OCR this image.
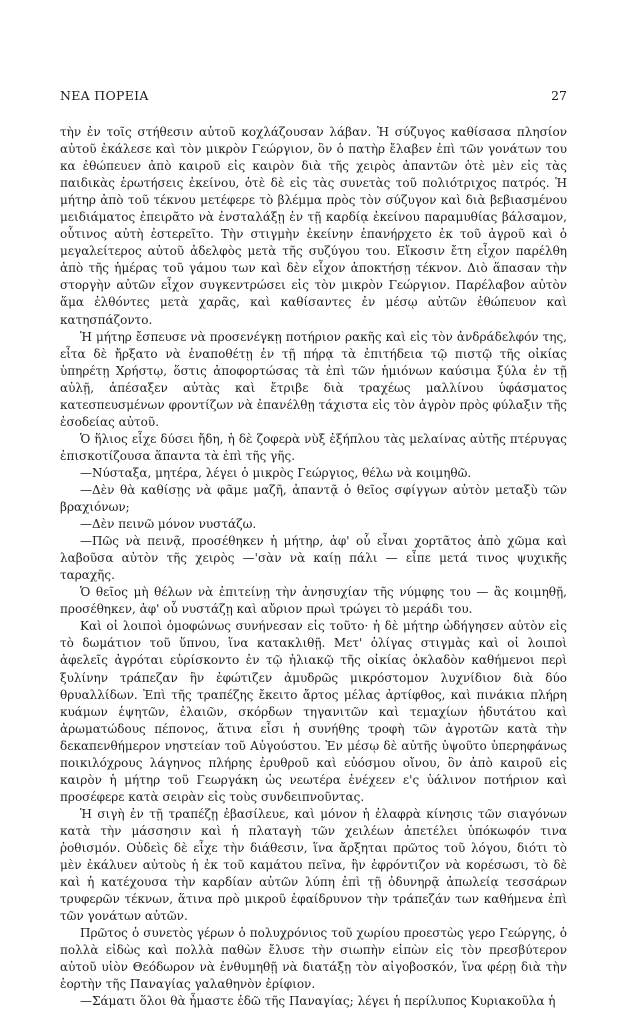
ΝΕΑ ΠΟΡΕΙΑ	27

τὴν ἐν τοῖς στήθεσιν αὐτοῦ κοχλάζουσαν λάβαν. Ἡ σύζυγος καθίσασα πλησίον αὐτοῦ ἐκάλεσε καὶ τὸν μικρὸν Γεώργιον, ὃν ὁ πατὴρ ἔλαβεν ἐπὶ τῶν γονάτων του κα ἐθώπευεν ἀπὸ καιροῦ εἰς καιρὸν διὰ τῆς χειρὸς ἀπαντῶν ὁτὲ μὲν εἰς τὰς παιδικὰς ἐρωτήσεις ἐκείνου, ὁτὲ δὲ εἰς τὰς συνετὰς τοῦ πολιότριχος πατρός. Ἡ μήτηρ ἀπὸ τοῦ τέκνου μετέφερε τὸ βλέμμα πρὸς τὸν σύζυγον καὶ διὰ βεβιασμένου μειδιάματος ἐπειρᾶτο νὰ ἐνσταλάξῃ ἐν τῇ καρδίᾳ ἐκείνου παραμυθίας βάλσαμον, οὗτινος αὐτὴ ἐστερεῖτο. Τὴν στιγμὴν ἐκείνην ἐπανήρχετο ἐκ τοῦ ἀγροῦ καὶ ὁ μεγαλείτερος αὐτοῦ ἀδελφὸς μετὰ τῆς συζύγου του. Εἴκοσιν ἔτη εἶχον παρέλθη ἀπὸ τῆς ἡμέρας τοῦ γάμου των καὶ δὲν εἶχον ἀποκτήσῃ τέκνον. Διὸ ἅπασαν τὴν στοργὴν αὐτῶν εἶχον συγκεντρώσει εἰς τὸν μικρὸν Γεώργιον. Παρέλαβον αὐτὸν ἅμα ἐλθόντες μετὰ χαρᾶς, καὶ καθίσαντες ἐν μέσῳ αὐτῶν ἐθώπευον καὶ κατησπάζοντο.

Ἡ μήτηρ ἔσπευσε νὰ προσενέγκῃ ποτήριον ρακῆς καὶ εἰς τὸν ἀνδράδελφόν της, εἶτα δὲ ἤρξατο νὰ ἐναποθέτῃ ἐν τῇ πήρᾳ τὰ ἐπιτήδεια τῷ πιστῷ τῆς οἰκίας ὑπηρέτῃ Χρήστῳ, ὅστις ἀποφορτώσας τὰ ἐπὶ τῶν ἡμιόνων καύσιμα ξύλα ἐν τῇ αὐλῇ, ἀπέσαξεν αὐτὰς καὶ ἔτριβε διὰ τραχέως μαλλίνου ὑφάσματος κατεσπευσμένων φροντίζων νὰ ἐπανέλθῃ τάχιστα εἰς τὸν ἀγρὸν πρὸς φύλαξιν τῆς ἐσοδείας αὐτοῦ.

Ὁ ἥλιος εἶχε δύσει ἤδη, ἡ δὲ ζοφερὰ νὺξ ἐξήπλου τὰς μελαίνας αὐτῆς πτέρυγας ἐπισκοτίζουσα ἅπαντα τὰ ἐπὶ τῆς γῆς.

—Νύσταξα, μητέρα, λέγει ὁ μικρὸς Γεώργιος, θέλω νὰ κοιμηθῶ.

—Δὲν θὰ καθίσῃς νὰ φᾶμε μαζῆ, ἀπαντᾷ ὁ θεῖος σφίγγων αὐτὸν μεταξὺ τῶν βραχιόνων;

—Δὲν πεινῶ μόνον νυστάζω.

—Πῶς νὰ πεινᾷ, προσέθηκεν ἡ μήτηρ, ἀφ' οὗ εἶναι χορτᾶτος ἀπὸ χῶμα καὶ λαβοῦσα αὐτὸν τῆς χειρὸς —'σὰν νὰ καίῃ πάλι — εἶπε μετά τινος ψυχικῆς ταραχῆς.

Ὁ θεῖος μὴ θέλων νὰ ἐπιτείνῃ τὴν ἀνησυχίαν τῆς νύμφης του — ἂς κοιμηθῇ, προσέθηκεν, ἀφ' οὗ νυστάζῃ καὶ αὔριον πρωὶ τρώγει τὸ μεράδι του.

Καὶ οἱ λοιποὶ ὁμοφώνως συνήνεσαν εἰς τοῦτο· ἡ δὲ μήτηρ ὡδήγησεν αὐτὸν εἰς τὸ δωμάτιον τοῦ ὕπνου, ἵνα κατακλιθῇ. Μετ' ὀλίγας στιγμὰς καὶ οἱ λοιποὶ ἀφελεῖς ἀγρόται εὑρίσκοντο ἐν τῷ ἠλιακῷ τῆς οἰκίας ὀκλαδὸν καθήμενοι περὶ ξυλίνην τράπεζαν ἣν ἐφώτιζεν ἀμυδρῶς μικρόστομον λυχνίδιον διὰ δύο θρυαλλίδων. Ἐπὶ τῆς τραπέζης ἔκειτο ἄρτος μέλας ἀρτίφθος, καὶ πινάκια πλήρη κυάμων ἑψητῶν, ἐλαιῶν, σκόρδων τηγανιτῶν καὶ τεμαχίων ἡδυτάτου καὶ ἀρωματώδους πέπονος, ἅτινα εἶσι ἡ συνήθης τροφὴ τῶν ἀγροτῶν κατὰ τὴν δεκαπενθήμερον νηστείαν τοῦ Αὐγούστου. Ἐν μέσῳ δὲ αὐτῆς ὑψοῦτο ὑπερηφάνως ποικιλόχρους λάγηνος πλήρης ἐρυθροῦ καὶ εὐόσμου οἴνου, ὃν ἀπὸ καιροῦ εἰς καιρὸν ἡ μήτηρ τοῦ Γεωργάκη ὡς νεωτέρα ἐνέχεεν ε'ς ὑάλινον ποτήριον καὶ προσέφερε κατὰ σειρὰν εἰς τοὺς συνδειπνοῦντας.

Ἡ σιγὴ ἐν τῇ τραπέζῃ ἐβασίλευε, καὶ μόνον ἡ ἐλαφρὰ κίνησις τῶν σιαγόνων κατὰ τὴν μάσσησιν καὶ ἡ πλαταγὴ τῶν χειλέων ἀπετέλει ὑπόκωφόν τινα ῥοθισμόν. Οὐδεὶς δὲ εἶχε τὴν διάθεσιν, ἵνα ἄρξηται πρῶτος τοῦ λόγου, διότι τὸ μὲν ἐκάλυεν αὐτοὺς ἡ ἐκ τοῦ καμάτου πεῖνα, ἣν ἐφρόντιζον νὰ κορέσωσι, τὸ δὲ καὶ ἡ κατέχουσα τὴν καρδίαν αὐτῶν λύπη ἐπὶ τῇ ὀδυνηρᾷ ἀπωλείᾳ τεσσάρων τρυφερῶν τέκνων, ἅτινα πρὸ μικροῦ ἐφαίδρυνον τὴν τράπεζάν των καθήμενα ἐπὶ τῶν γονάτων αὐτῶν.

Πρῶτος ὁ συνετὸς γέρων ὁ πολυχρόνιος τοῦ χωρίου προεστὼς γερο Γεώργης, ὁ πολλὰ εἰδὼς καὶ πολλὰ παθὼν ἔλυσε τὴν σιωπὴν εἰπὼν εἰς τὸν πρεσβύτερον αὐτοῦ υἱὸν Θεόδωρον νὰ ἐνθυμηθῇ νὰ διατάξῃ τὸν αἰγοβοσκόν, ἵνα φέρῃ διὰ τὴν ἑορτὴν τῆς Παναγίας γαλαθηνὸν ἐρίφιον.

—Σάματι ὅλοι θὰ ἦμαστε ἐδῶ τῆς Παναγίας; λέγει ἡ περίλυπος Κυριακοῦλα ἡ
